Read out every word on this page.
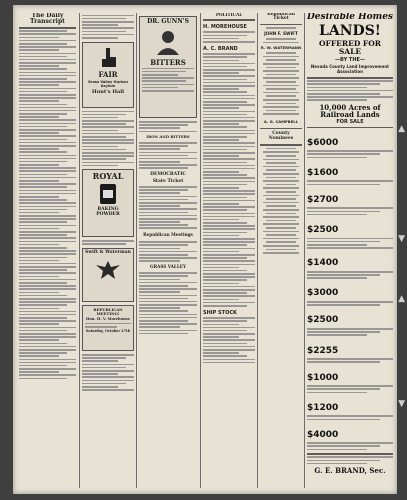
The Daily Transcript
FAIR
Grass Valley Orphan Asylum
Hunt's Hall
ROYAL
BAKING POWDER
Swift & Waterman
REPUBLICAN MEETING!
Hon. H. V. Morehouse
Saturday, October 27th
DR. GUNN'S
BITTERS
IRON AND BITTERS
DEMOCRATIC
State Ticket
Republican Meetings
GRASS VALLEY
POLITICAL
H. MOREHOUSE
A. C. BRAND
SHIP STOCK
Republican Ticket
JOHN F. SWIFT
R. W. WATERMANN
A. G. CAMPBELL
County Nominees
Desirable Homes
LANDS!
OFFERED FOR SALE
—BY THE—
Nevada County Land Improvement Association
10,000 Acres of Railroad Lands
FOR SALE
$6000
$1600
$2700
$2500
$1400
$3000
$2500
$2255
$1000
$1200
$4000
G. E. BRAND, Sec.
▲
▼
▲
▼
